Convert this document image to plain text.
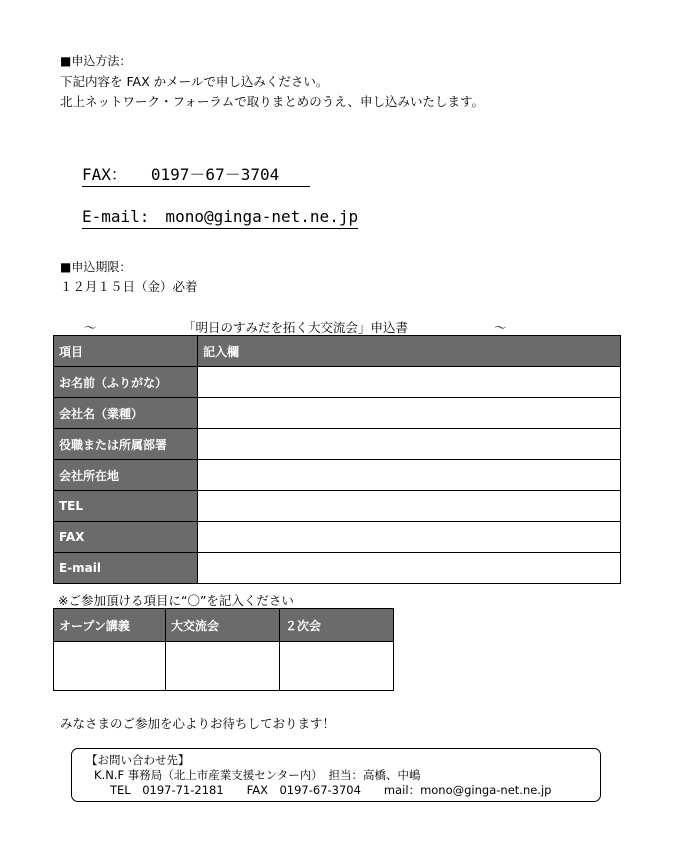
■申込方法：
下記内容を FAX かメールで申し込みください。
北上ネットワーク・フォーラムで取りまとめのうえ、申し込みいたします。
FAX：　　0197－67－3704
E-mail:　mono@ginga-net.ne.jp
■申込期限：
１２月１５日（金）必着
～	「明日のすみだを拓く大交流会」申込書	～
項目	記入欄
お名前（ふりがな）	
会社名（業種）	
役職または所属部署	
会社所在地	
TEL	
FAX	
E-mail	
※ご参加頂ける項目に“〇”を記入ください
オープン講義	大交流会	２次会

みなさまのご参加を心よりお待ちしております！
【お問い合わせ先】
K.N.F 事務局（北上市産業支援センター内）　担当：高橋、中嶋
TEL　0197-71-2181　　FAX　0197-67-3704　　mail：mono@ginga-net.ne.jp
